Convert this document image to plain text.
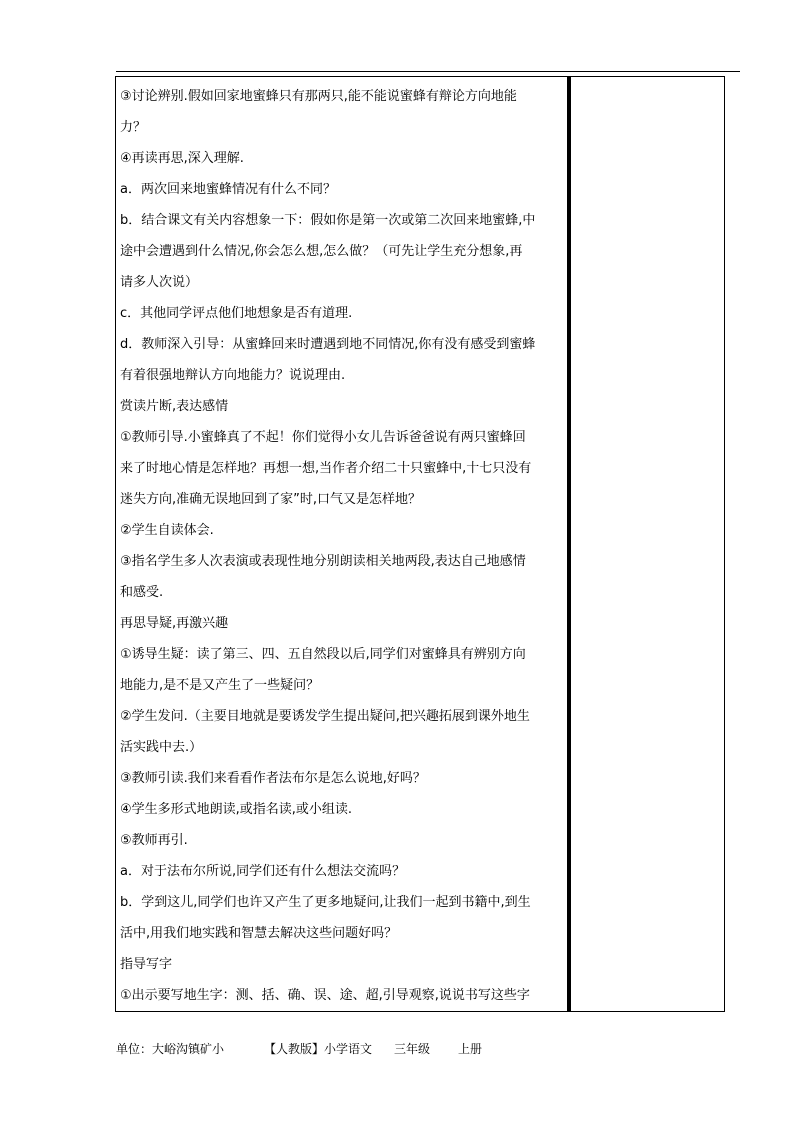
③讨论辨别.假如回家地蜜蜂只有那两只,能不能说蜜蜂有辩论方向地能
力？
④再读再思,深入理解.
a．两次回来地蜜蜂情况有什么不同？
b．结合课文有关内容想象一下：假如你是第一次或第二次回来地蜜蜂,中
途中会遭遇到什么情况,你会怎么想,怎么做？（可先让学生充分想象,再
请多人次说）
c．其他同学评点他们地想象是否有道理.
d．教师深入引导：从蜜蜂回来时遭遇到地不同情况,你有没有感受到蜜蜂
有着很强地辩认方向地能力？说说理由.
赏读片断,表达感情
①教师引导.小蜜蜂真了不起！你们觉得小女儿告诉爸爸说有两只蜜蜂回
来了时地心情是怎样地？再想一想,当作者介绍二十只蜜蜂中,十七只没有
迷失方向,准确无误地回到了家”时,口气又是怎样地？
②学生自读体会.
③指名学生多人次表演或表现性地分别朗读相关地两段,表达自己地感情
和感受.
再思导疑,再激兴趣
①诱导生疑：读了第三、四、五自然段以后,同学们对蜜蜂具有辨别方向
地能力,是不是又产生了一些疑问？
②学生发问.（主要目地就是要诱发学生提出疑问,把兴趣拓展到课外地生
活实践中去.）
③教师引读.我们来看看作者法布尔是怎么说地,好吗？
④学生多形式地朗读,或指名读,或小组读.
⑤教师再引.
a．对于法布尔所说,同学们还有什么想法交流吗？
b．学到这儿,同学们也许又产生了更多地疑问,让我们一起到书籍中,到生
活中,用我们地实践和智慧去解决这些问题好吗？
指导写字
①出示要写地生字：测、括、确、误、途、超,引导观察,说说书写这些字
单位：大峪沟镇矿小	【人教版】小学语文 三年级 上册
